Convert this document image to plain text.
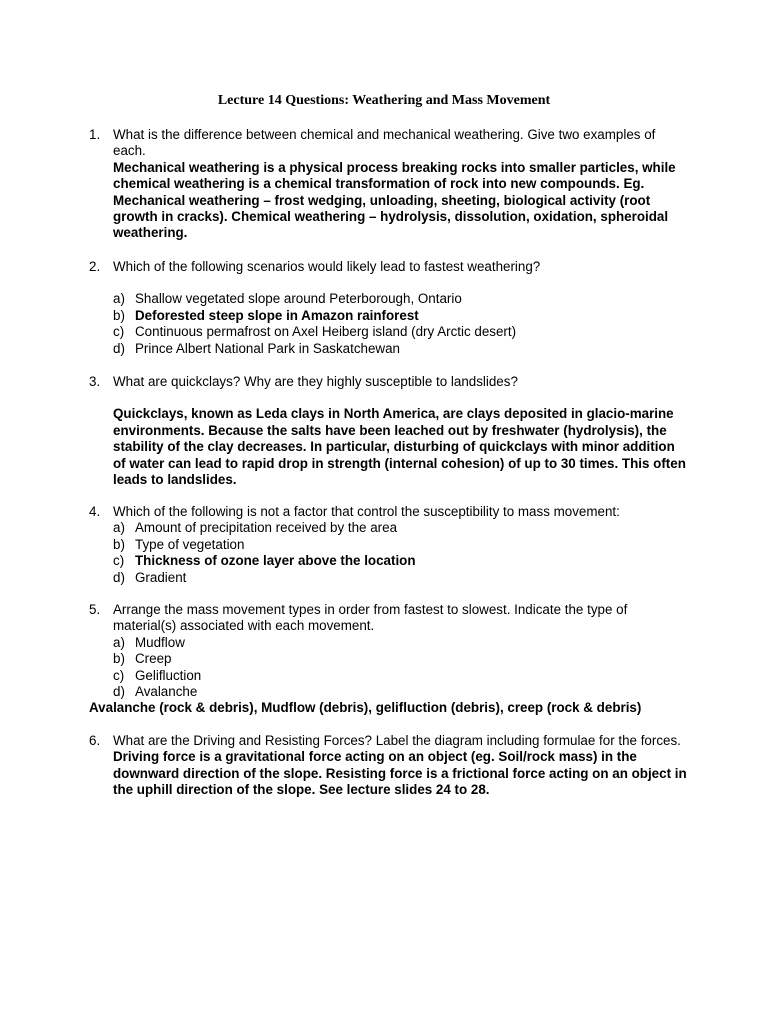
Lecture 14 Questions: Weathering and Mass Movement
1. What is the difference between chemical and mechanical weathering. Give two examples of each.
Mechanical weathering is a physical process breaking rocks into smaller particles, while chemical weathering is a chemical transformation of rock into new compounds. Eg. Mechanical weathering – frost wedging, unloading, sheeting, biological activity (root growth in cracks). Chemical weathering – hydrolysis, dissolution, oxidation, spheroidal weathering.
2. Which of the following scenarios would likely lead to fastest weathering?
a) Shallow vegetated slope around Peterborough, Ontario
b) Deforested steep slope in Amazon rainforest
c) Continuous permafrost on Axel Heiberg island (dry Arctic desert)
d) Prince Albert National Park in Saskatchewan
3. What are quickclays? Why are they highly susceptible to landslides?
Quickclays, known as Leda clays in North America, are clays deposited in glacio-marine environments. Because the salts have been leached out by freshwater (hydrolysis), the stability of the clay decreases. In particular, disturbing of quickclays with minor addition of water can lead to rapid drop in strength (internal cohesion) of up to 30 times. This often leads to landslides.
4. Which of the following is not a factor that control the susceptibility to mass movement:
a) Amount of precipitation received by the area
b) Type of vegetation
c) Thickness of ozone layer above the location
d) Gradient
5. Arrange the mass movement types in order from fastest to slowest. Indicate the type of material(s) associated with each movement.
a) Mudflow
b) Creep
c) Gelifluction
d) Avalanche
Avalanche (rock & debris), Mudflow (debris), gelifluction (debris), creep (rock & debris)
6. What are the Driving and Resisting Forces? Label the diagram including formulae for the forces.
Driving force is a gravitational force acting on an object (eg. Soil/rock mass) in the downward direction of the slope. Resisting force is a frictional force acting on an object in the uphill direction of the slope. See lecture slides 24 to 28.
